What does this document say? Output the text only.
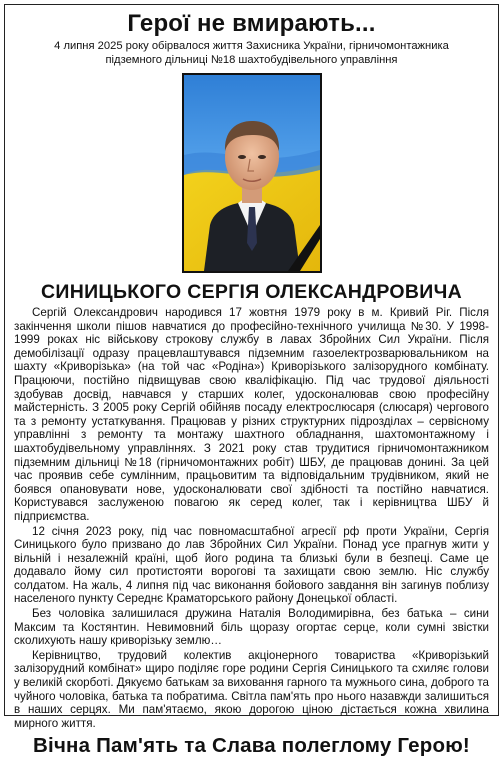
Герої не вмирають...

4 липня 2025 року обірвалося життя Захисника України, гірничомонтажника підземного дільниці №18 шахтобудівельного управління

СИНИЦЬКОГО СЕРГІЯ ОЛЕКСАНДРОВИЧА

Сергій Олександрович народився 17 жовтня 1979 року в м. Кривий Ріг. Після закінчення школи пішов навчатися до професійно-технічного училища №30. У 1998-1999 роках ніс військову строкову службу в лавах Збройних Сил України. Після демобілізації одразу працевлаштувався підземним газоелектрозварювальником на шахту «Криворізька» (на той час «Родіна») Криворізького залізорудного комбінату. Працюючи, постійно підвищував свою кваліфікацію. Під час трудової діяльності здобував досвід, навчався у старших колег, удосконалював свою професійну майстерність. З 2005 року Сергій обійняв посаду електрослюсаря (слюсаря) чергового та з ремонту устаткування. Працював у різних структурних підрозділах – сервісному управлінні з ремонту та монтажу шахтного обладнання, шахтомонтажному і шахтобудівельному управліннях. З 2021 року став трудитися гірничомонтажником підземним дільниці №18 (гірничомонтажних робіт) ШБУ, де працював донині. За цей час проявив себе сумлінним, працьовитим та відповідальним трудівником, який не боявся опановувати нове, удосконалювати свої здібності та постійно навчатися. Користувався заслуженою повагою як серед колег, так і керівництва ШБУ й підприємства.

12 січня 2023 року, під час повномасштабної агресії рф проти України, Сергія Синицького було призвано до лав Збройних Сил України. Понад усе прагнув жити у вільній і незалежній країні, щоб його родина та близькі були в безпеці. Саме це додавало йому сил протистояти ворогові та захищати свою землю. Ніс службу солдатом. На жаль, 4 липня під час виконання бойового завдання він загинув поблизу населеного пункту Середнє Краматорського району Донецької області.

Без чоловіка залишилася дружина Наталія Володимирівна, без батька – сини Максим та Костянтин. Невимовний біль щоразу огортає серце, коли сумні звістки сколихують нашу криворізьку землю…

Керівництво, трудовий колектив акціонерного товариства «Криворізький залізорудний комбінат» щиро поділяє горе родини Сергія Синицького та схиляє голови у великій скорботі. Дякуємо батькам за виховання гарного та мужнього сина, доброго та чуйного чоловіка, батька та побратима. Світла пам'ять про нього назавжди залишиться в наших серцях. Ми пам'ятаємо, якою дорогою ціною дістається кожна хвилина мирного життя.

Вічна Пам'ять та Слава полеглому Герою!
